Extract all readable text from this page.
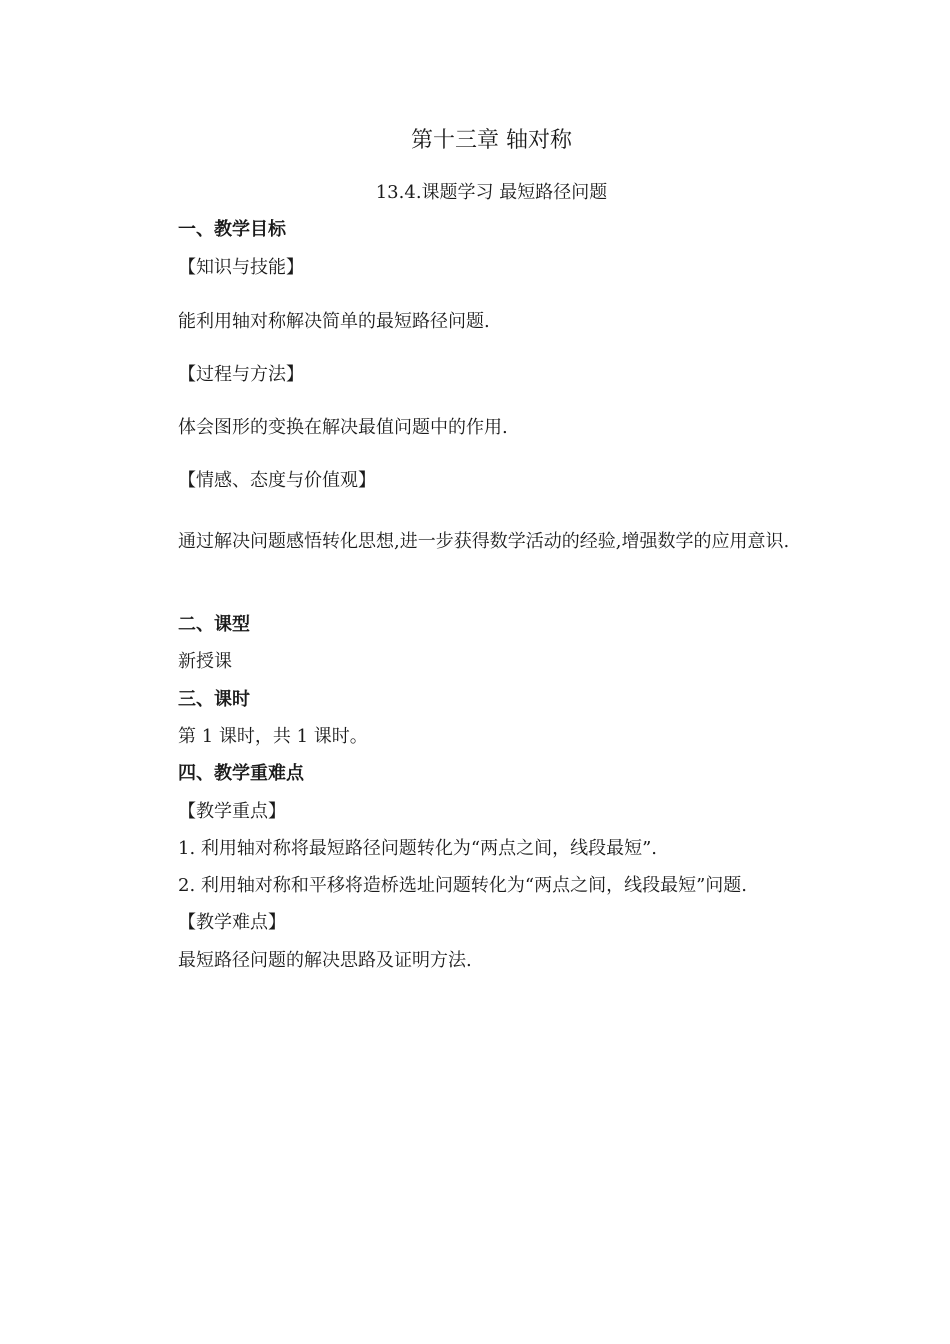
第十三章 轴对称
13.4.课题学习 最短路径问题
一、教学目标
【知识与技能】
能利用轴对称解决简单的最短路径问题.
【过程与方法】
体会图形的变换在解决最值问题中的作用.
【情感、态度与价值观】
通过解决问题感悟转化思想,进一步获得数学活动的经验,增强数学的应用意识.
二、课型
新授课
三、课时
第 1 课时，共 1 课时。
四、教学重难点
【教学重点】
1. 利用轴对称将最短路径问题转化为“两点之间，线段最短”.
2. 利用轴对称和平移将造桥选址问题转化为“两点之间，线段最短”问题.
【教学难点】
最短路径问题的解决思路及证明方法.
